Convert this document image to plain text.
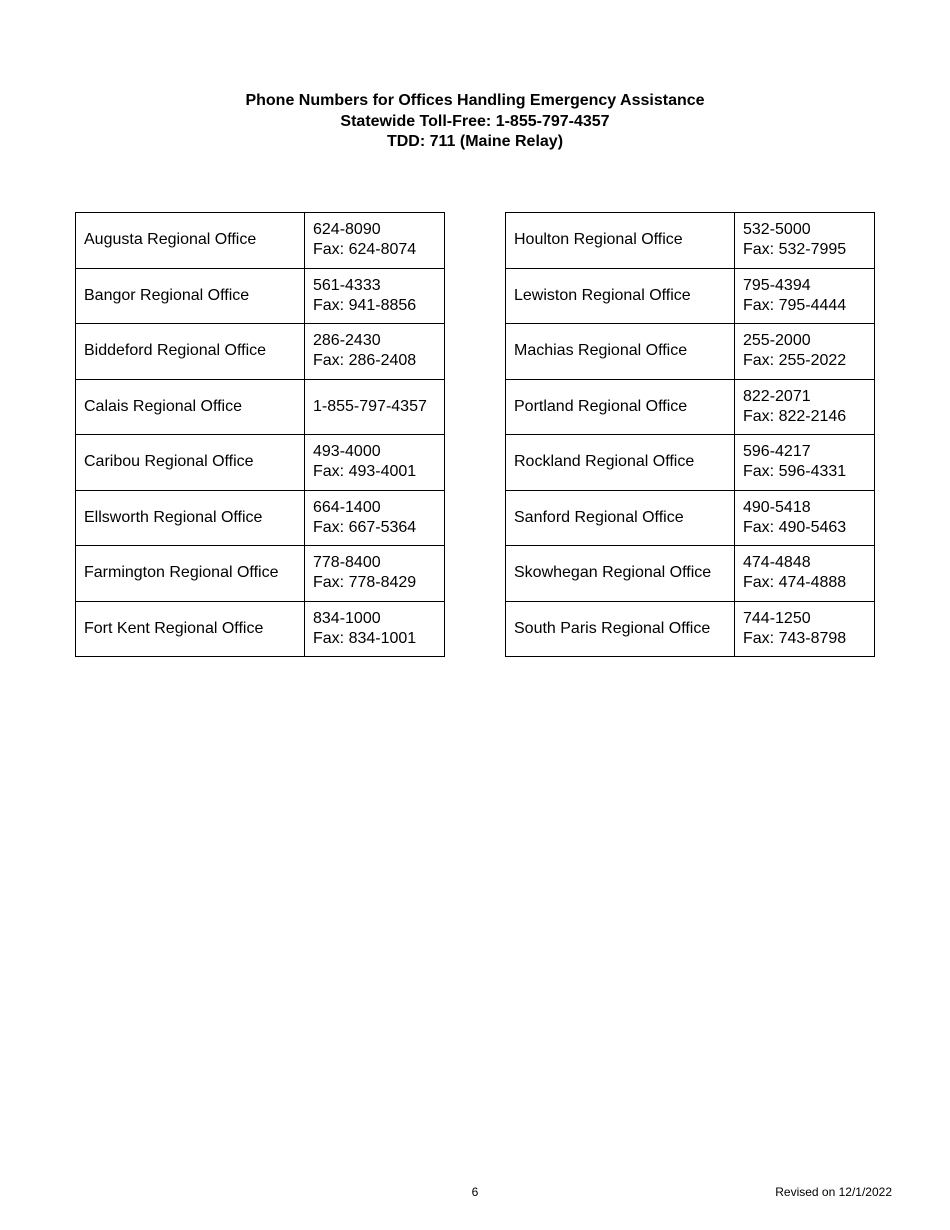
Phone Numbers for Offices Handling Emergency Assistance
Statewide Toll-Free: 1-855-797-4357
TDD: 711 (Maine Relay)
Augusta Regional Office	624-8090
Fax: 624-8074

Bangor Regional Office	561-4333
Fax: 941-8856

Biddeford Regional Office	286-2430
Fax: 286-2408

Calais Regional Office	1-855-797-4357

Caribou Regional Office	493-4000
Fax: 493-4001

Ellsworth Regional Office	664-1400
Fax: 667-5364

Farmington Regional Office	778-8400
Fax: 778-8429

Fort Kent Regional Office	834-1000
Fax: 834-1001
Houlton Regional Office	532-5000
Fax: 532-7995

Lewiston Regional Office	795-4394
Fax: 795-4444

Machias Regional Office	255-2000
Fax: 255-2022

Portland Regional Office	822-2071
Fax: 822-2146

Rockland Regional Office	596-4217
Fax: 596-4331

Sanford Regional Office	490-5418
Fax: 490-5463

Skowhegan Regional Office	474-4848
Fax: 474-4888

South Paris Regional Office	744-1250
Fax: 743-8798
6	Revised on 12/1/2022
